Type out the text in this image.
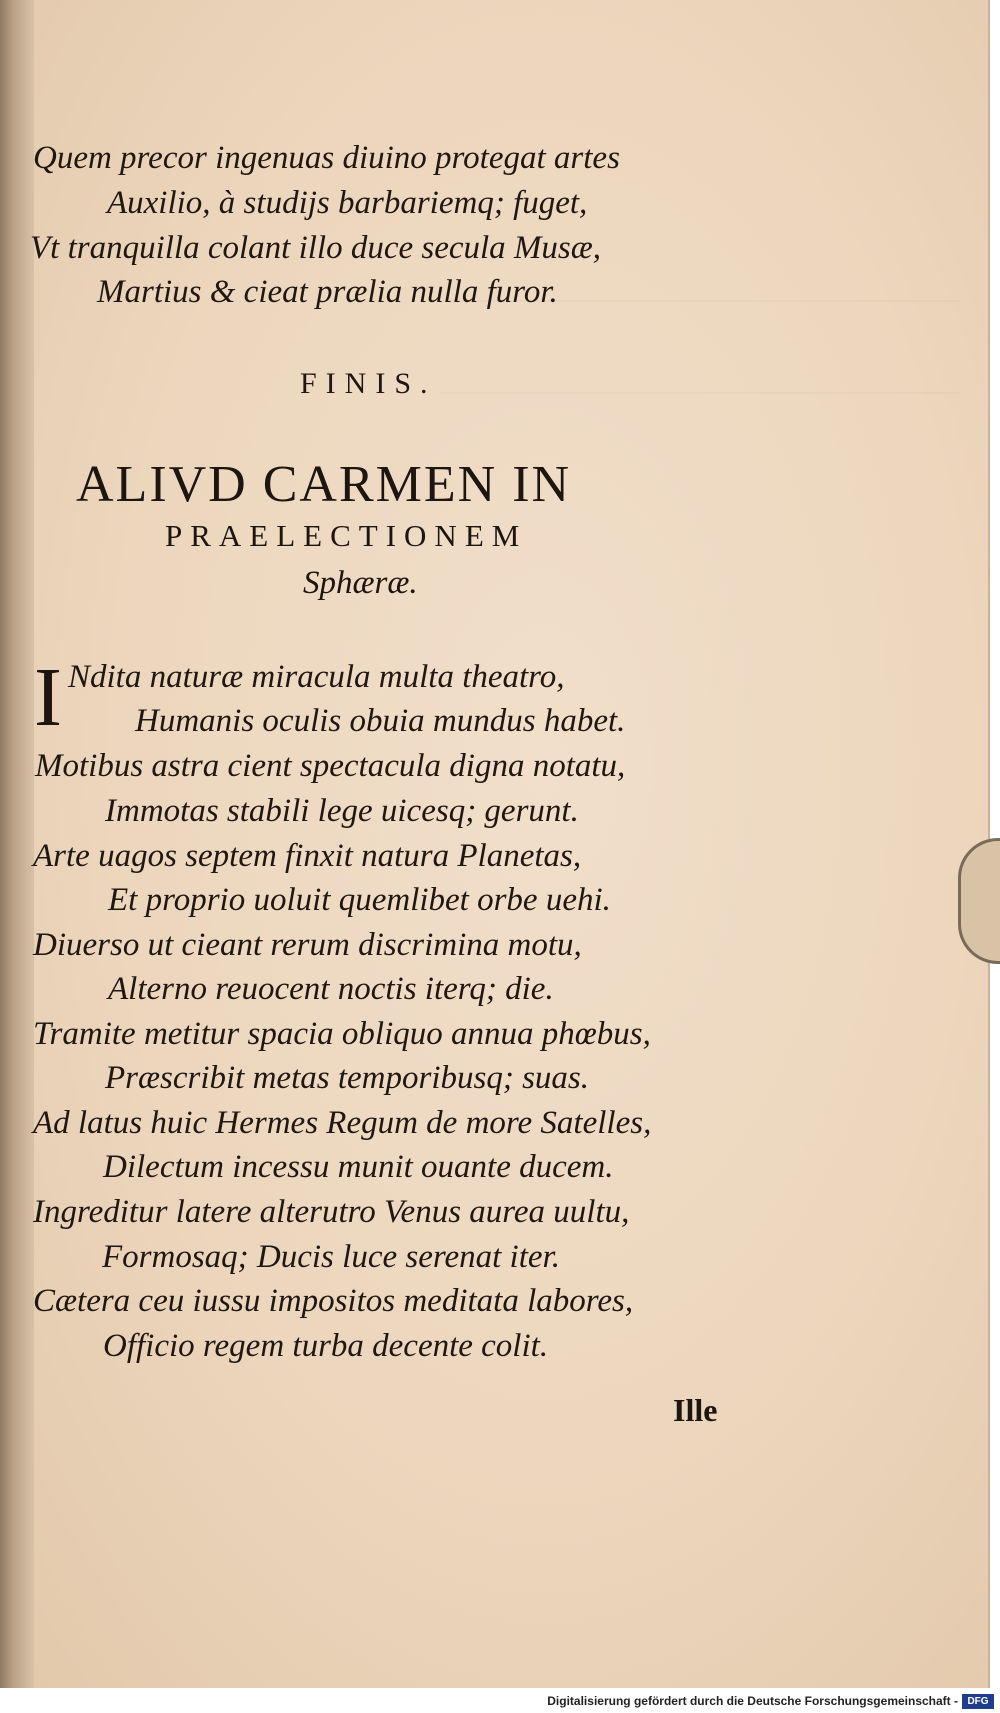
Quem precor ingenuas diuino protegat artes
Auxilio, à studijs barbariemq; fuget,
Vt tranquilla colant illo duce secula Musæ,
Martius & cieat prælia nulla furor.
FINIS.
ALIVD CARMEN IN
PRAELECTIONEM
Sphæræ.
I Ndita naturæ miracula multa theatro,
Humanis oculis obuia mundus habet.
Motibus astra cient spectacula digna notatu,
Immotas stabili lege uicesq; gerunt.
Arte uagos septem finxit natura Planetas,
Et proprio uoluit quemlibet orbe uehi.
Diuerso ut cieant rerum discrimina motu,
Alterno reuocent noctis iterq; die.
Tramite metitur spacia obliquo annua phœbus,
Præscribit metas temporibusq; suas.
Ad latus huic Hermes Regum de more Satelles,
Dilectum incessu munit ouante ducem.
Ingreditur latere alterutro Venus aurea uultu,
Formosaq; Ducis luce serenat iter.
Cætera ceu iussu impositos meditata labores,
Officio regem turba decente colit.
Ille
Digitalisierung gefördert durch die Deutsche Forschungsgemeinschaft - DFG
